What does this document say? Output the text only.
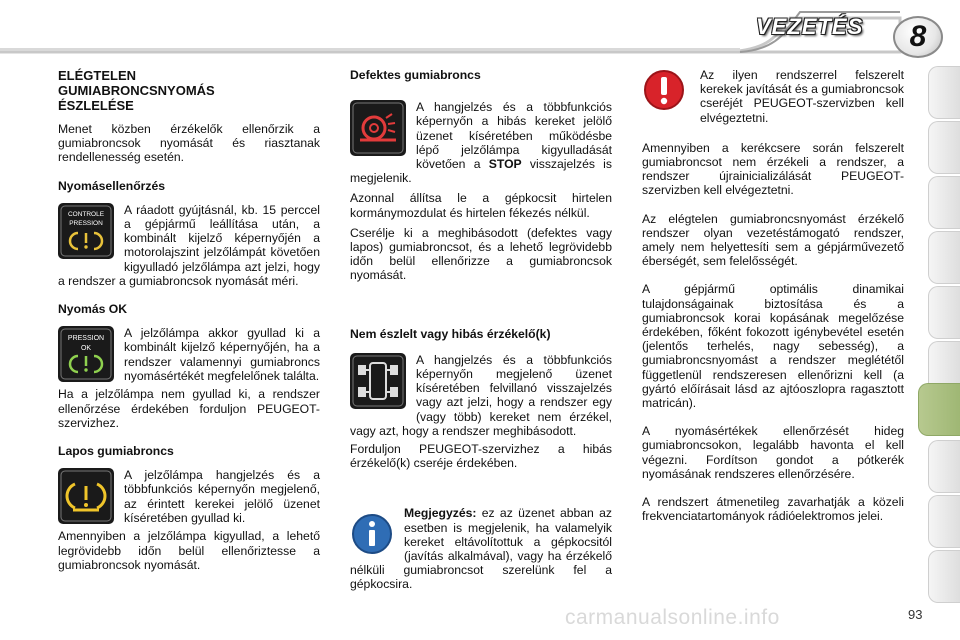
VEZETÉS 8
ELÉGTELEN GUMIABRONCSNYOMÁS ÉSZLELÉSE

Menet közben érzékelők ellenőrzik a gumiabroncsok nyomását és riasztanak rendellenesség esetén.

Nyomásellenőrzés
CONTROLE
PRESSION

A ráadott gyújtásnál, kb. 15 perccel a gépjármű leállítása után, a kombinált kijelző képernyőjén a motorolajszint jelzőlámpát követően kigyulladó jelzőlámpa azt jelzi, hogy a rendszer a gumiabroncsok nyomását méri.

Nyomás OK
PRESSION
OK

A jelzőlámpa akkor gyullad ki a kombinált kijelző képernyőjén, ha a rendszer valamennyi gumiabroncs nyomásértékét megfelelőnek találta.

Ha a jelzőlámpa nem gyullad ki, a rendszer ellenőrzése érdekében forduljon PEUGEOT-szervizhez.

Lapos gumiabroncs

A jelzőlámpa hangjelzés és a többfunkciós képernyőn megjelenő, az érintett kerekei jelölő üzenet kíséretében gyullad ki.

Amennyiben a jelzőlámpa kigyullad, a lehető legrövidebb időn belül ellenőriztesse a gumiabroncsok nyomását.

Defektes gumiabroncs

A hangjelzés és a többfunkciós képernyőn a hibás kereket jelölő üzenet kíséretében működésbe lépő jelzőlámpa kigyulladását követően a STOP visszajelzés is megjelenik.

Azonnal állítsa le a gépkocsit hirtelen kormánymozdulat és hirtelen fékezés nélkül.

Cserélje ki a meghibásodott (defektes vagy lapos) gumiabroncsot, és a lehető legrövidebb időn belül ellenőrizze a gumiabroncsok nyomását.

Nem észlelt vagy hibás érzékelő(k)

A hangjelzés és a többfunkciós képernyőn megjelenő üzenet kíséretében felvillanó visszajelzés vagy azt jelzi, hogy a rendszer egy (vagy több) kereket nem érzékel, vagy azt, hogy a rendszer meghibásodott.

Forduljon PEUGEOT-szervizhez a hibás érzékelő(k) cseréje érdekében.

Megjegyzés: ez az üzenet abban az esetben is megjelenik, ha valamelyik kereket eltávolítottuk a gépkocsitól (javítás alkalmával), vagy ha érzékelő nélküli gumiabroncsot szerelünk fel a gépkocsira.

Az ilyen rendszerrel felszerelt kerekek javítását és a gumiabroncsok cseréjét PEUGEOT-szervizben kell elvégeztetni.

Amennyiben a kerékcsere során felszerelt gumiabroncsot nem érzékeli a rendszer, a rendszer újrainicializálását PEUGEOT-szervizben kell elvégeztetni.

Az elégtelen gumiabroncsnyomást érzékelő rendszer olyan vezetéstámogató rendszer, amely nem helyettesíti sem a gépjárművezető éberségét, sem felelősségét.

A gépjármű optimális dinamikai tulajdonságainak biztosítása és a gumiabroncsok korai kopásának megelőzése érdekében, főként fokozott igénybevétel esetén (jelentős terhelés, nagy sebesség), a gumiabroncsnyomást a rendszer meglététől függetlenül rendszeresen ellenőrizni kell (a gyártó előírásait lásd az ajtóoszlopra ragasztott matricán).

A nyomásértékek ellenőrzését hideg gumiabroncsokon, legalább havonta el kell végezni. Fordítson gondot a pótkerék nyomásának rendszeres ellenőrzésére.

A rendszert átmenetileg zavarhatják a közeli frekvenciatartományok rádióelektromos jelei.

carmanualsonline.info	93
